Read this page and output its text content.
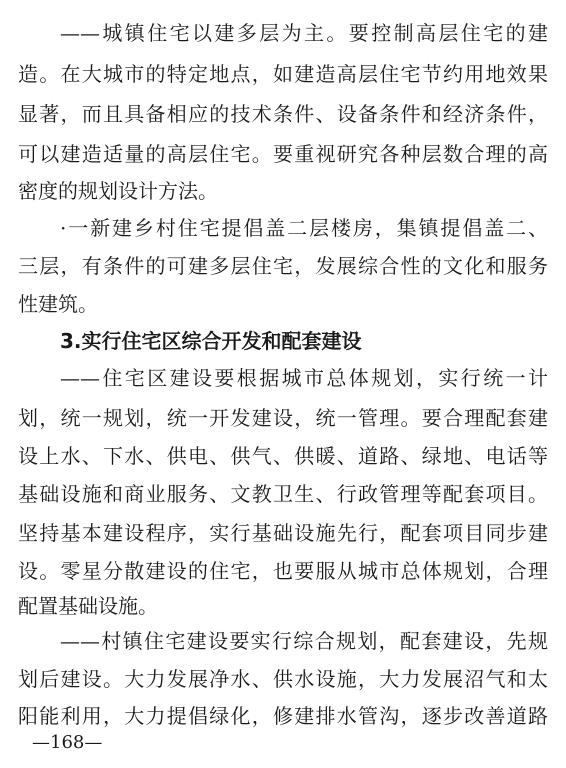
——城镇住宅以建多层为主。要控制高层住宅的建
造。在大城市的特定地点，如建造高层住宅节约用地效果
显著，而且具备相应的技术条件、设备条件和经济条件，
可以建造适量的高层住宅。要重视研究各种层数合理的高
密度的规划设计方法。
·一新建乡村住宅提倡盖二层楼房，集镇提倡盖二、
三层，有条件的可建多层住宅，发展综合性的文化和服务
性建筑。
3.实行住宅区综合开发和配套建设
——住宅区建设要根据城市总体规划，实行统一计
划，统一规划，统一开发建设，统一管理。要合理配套建
设上水、下水、供电、供气、供暖、道路、绿地、电话等
基础设施和商业服务、文教卫生、行政管理等配套项目。
坚持基本建设程序，实行基础设施先行，配套项目同步建
设。零星分散建设的住宅，也要服从城市总体规划，合理
配置基础设施。
——村镇住宅建设要实行综合规划，配套建设，先规
划后建设。大力发展净水、供水设施，大力发展沼气和太
阳能利用，大力提倡绿化，修建排水管沟，逐步改善道路
—168—
